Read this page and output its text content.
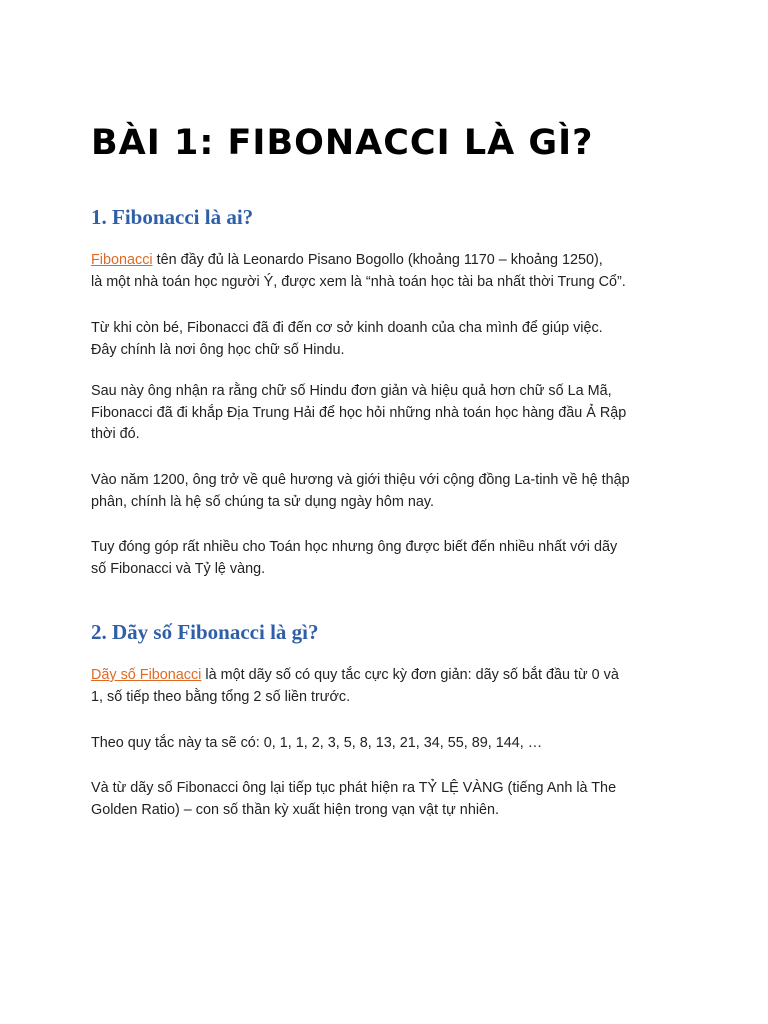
BÀI 1: FIBONACCI LÀ GÌ?
1. Fibonacci là ai?

Fibonacci tên đầy đủ là Leonardo Pisano Bogollo (khoảng 1170 – khoảng 1250),
là một nhà toán học người Ý, được xem là “nhà toán học tài ba nhất thời Trung Cổ”.

Từ khi còn bé, Fibonacci đã đi đến cơ sở kinh doanh của cha mình để giúp việc.
Đây chính là nơi ông học chữ số Hindu.

Sau này ông nhận ra rằng chữ số Hindu đơn giản và hiệu quả hơn chữ số La Mã,
Fibonacci đã đi khắp Địa Trung Hải để học hỏi những nhà toán học hàng đầu Ả Rập
thời đó.

Vào năm 1200, ông trở về quê hương và giới thiệu với cộng đồng La-tinh về hệ thập
phân, chính là hệ số chúng ta sử dụng ngày hôm nay.

Tuy đóng góp rất nhiều cho Toán học nhưng ông được biết đến nhiều nhất với dãy
số Fibonacci và Tỷ lệ vàng.

2. Dãy số Fibonacci là gì?

Dãy số Fibonacci là một dãy số có quy tắc cực kỳ đơn giản: dãy số bắt đầu từ 0 và
1, số tiếp theo bằng tổng 2 số liền trước.

Theo quy tắc này ta sẽ có: 0, 1, 1, 2, 3, 5, 8, 13, 21, 34, 55, 89, 144, …

Và từ dãy số Fibonacci ông lại tiếp tục phát hiện ra TỶ LỆ VÀNG (tiếng Anh là The
Golden Ratio) – con số thần kỳ xuất hiện trong vạn vật tự nhiên.
